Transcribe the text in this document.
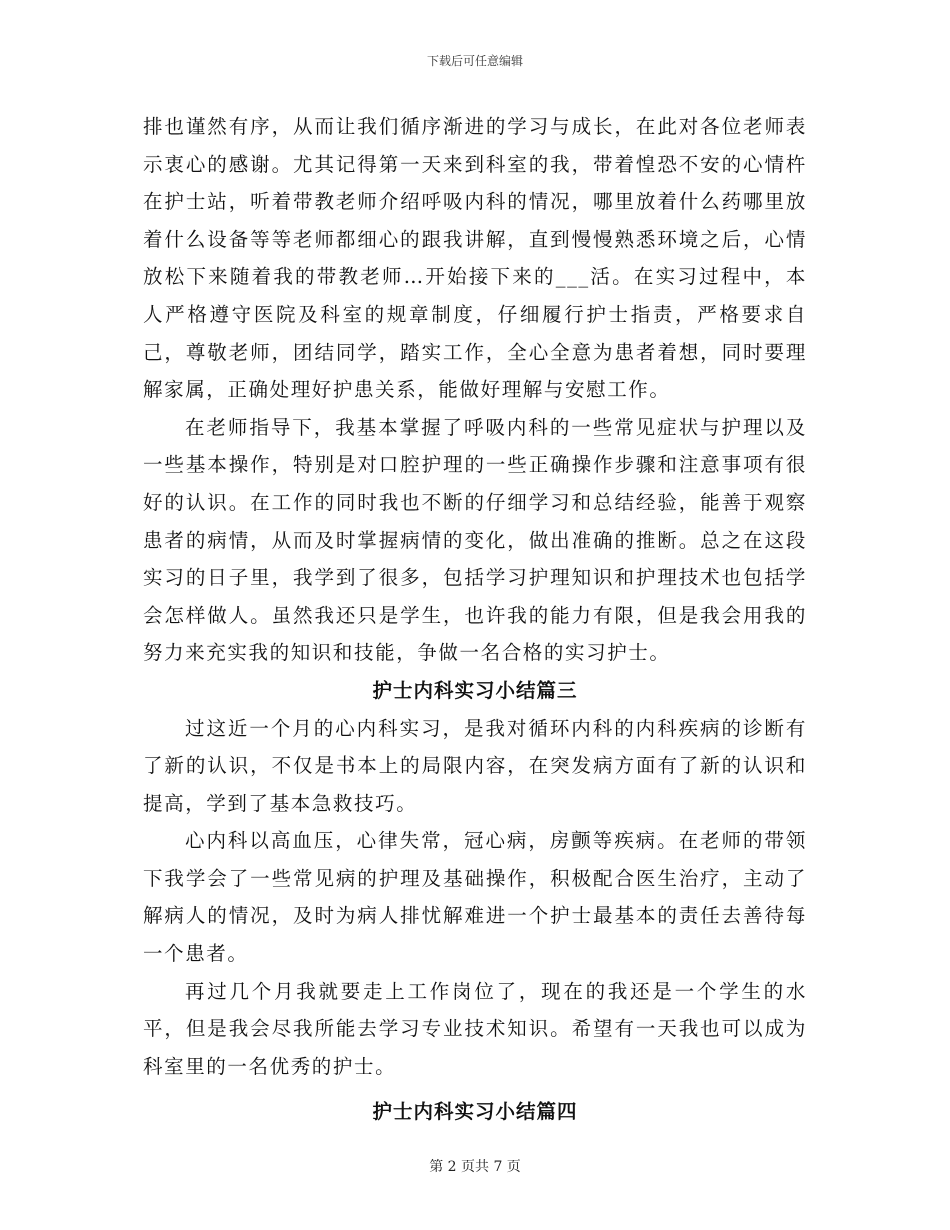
下载后可任意编辑

排也谨然有序，从而让我们循序渐进的学习与成长，在此对各位老师表示衷心的感谢。尤其记得第一天来到科室的我，带着惶恐不安的心情杵在护士站，听着带教老师介绍呼吸内科的情况，哪里放着什么药哪里放着什么设备等等老师都细心的跟我讲解，直到慢慢熟悉环境之后，心情放松下来随着我的带教老师…开始接下来的___活。在实习过程中，本人严格遵守医院及科室的规章制度，仔细履行护士指责，严格要求自己，尊敬老师，团结同学，踏实工作，全心全意为患者着想，同时要理解家属，正确处理好护患关系，能做好理解与安慰工作。

在老师指导下，我基本掌握了呼吸内科的一些常见症状与护理以及一些基本操作，特别是对口腔护理的一些正确操作步骤和注意事项有很好的认识。在工作的同时我也不断的仔细学习和总结经验，能善于观察患者的病情，从而及时掌握病情的变化，做出准确的推断。总之在这段实习的日子里，我学到了很多，包括学习护理知识和护理技术也包括学会怎样做人。虽然我还只是学生，也许我的能力有限，但是我会用我的努力来充实我的知识和技能，争做一名合格的实习护士。

护士内科实习小结篇三

过这近一个月的心内科实习，是我对循环内科的内科疾病的诊断有了新的认识，不仅是书本上的局限内容，在突发病方面有了新的认识和提高，学到了基本急救技巧。

心内科以高血压，心律失常，冠心病，房颤等疾病。在老师的带领下我学会了一些常见病的护理及基础操作，积极配合医生治疗，主动了解病人的情况，及时为病人排忧解难进一个护士最基本的责任去善待每一个患者。

再过几个月我就要走上工作岗位了，现在的我还是一个学生的水平，但是我会尽我所能去学习专业技术知识。希望有一天我也可以成为科室里的一名优秀的护士。

护士内科实习小结篇四

第 2 页共 7 页
